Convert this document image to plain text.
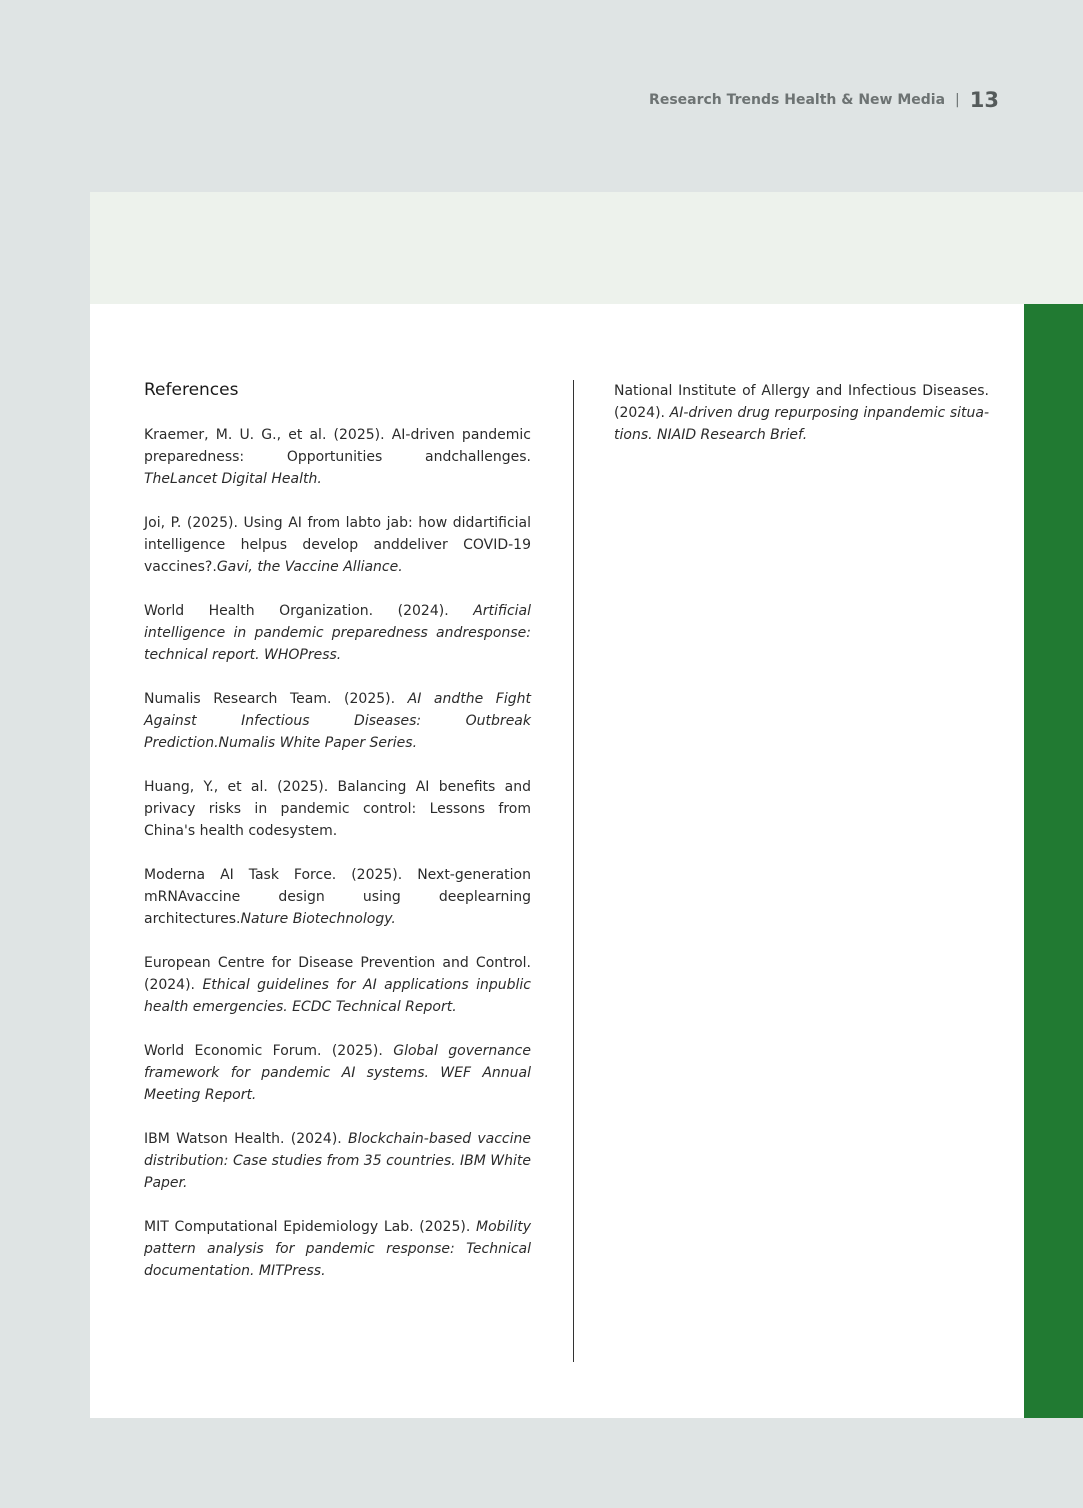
Research Trends Health & New Media | 13
References

Kraemer, M. U. G., et al. (2025). AI-driven pandemic preparedness: Opportunities andchallenges. TheLancet Digital Health.

Joi, P. (2025). Using AI from labto jab: how didartificial intelligence helpus develop anddeliver COVID-19 vaccines?.Gavi, the Vaccine Alliance.

World Health Organization. (2024). Artificial intelligence in pandemic preparedness andresponse: technical report. WHOPress.

Numalis Research Team. (2025). AI andthe Fight Against Infectious Diseases: Outbreak Prediction.Numalis White Paper Series.

Huang, Y., et al. (2025). Balancing AI benefits and privacy risks in pandemic control: Lessons from China's health codesystem.

Moderna AI Task Force. (2025). Next-generation mRNAvaccine design using deeplearning architectures.Nature Biotechnology.

European Centre for Disease Prevention and Control. (2024). Ethical guidelines for AI applications inpublic health emergencies. ECDC Technical Report.

World Economic Forum. (2025). Global governance framework for pandemic AI systems. WEF Annual Meeting Report.

IBM Watson Health. (2024). Blockchain-based vaccine distribution: Case studies from 35 countries. IBM White Paper.

MIT Computational Epidemiology Lab. (2025). Mobility pattern analysis for pandemic response: Technical documentation. MITPress.

National Institute of Allergy and Infectious Diseases. (2024). AI-driven drug repurposing inpandemic situa-tions. NIAID Research Brief.
